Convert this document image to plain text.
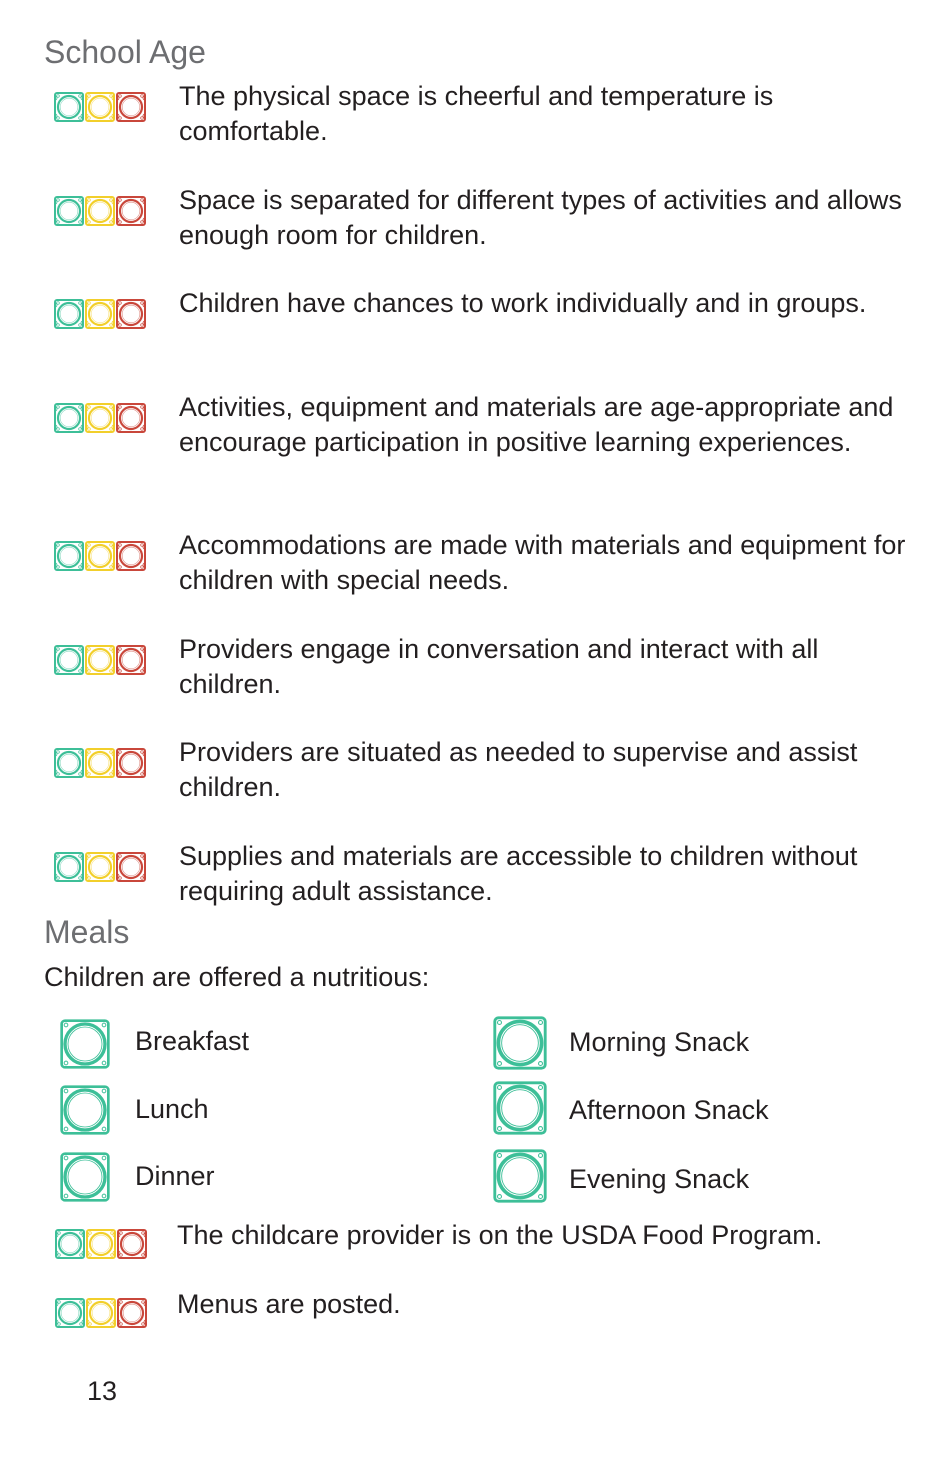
School Age

The physical space is cheerful and temperature is comfortable.

Space is separated for different types of activities and allows enough room for children.

Children have chances to work individually and in groups.

Activities, equipment and materials are age-appropriate and encourage participation in positive learning experiences.

Accommodations are made with materials and equipment for children with special needs.

Providers engage in conversation and interact with all children.

Providers are situated as needed to supervise and assist children.

Supplies and materials are accessible to children without requiring adult assistance.

Meals

Children are offered a nutritious:

Breakfast
Lunch
Dinner
Morning Snack
Afternoon Snack
Evening Snack

The childcare provider is on the USDA Food Program.

Menus are posted.

13
